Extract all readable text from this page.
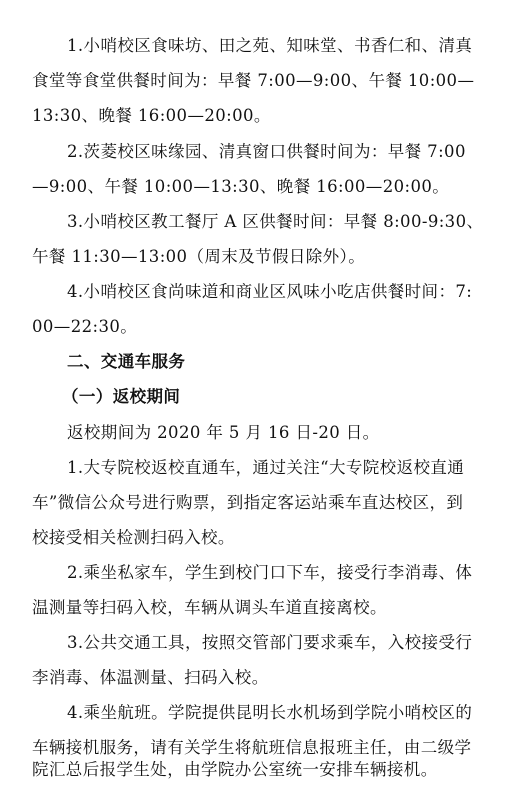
1.小哨校区食味坊、田之苑、知味堂、书香仁和、清真
食堂等食堂供餐时间为：早餐 7:00—9:00、午餐 10:00—
13:30、晚餐 16:00—20:00。
2.茨菱校区味缘园、清真窗口供餐时间为：早餐 7:00
—9:00、午餐 10:00—13:30、晚餐 16:00—20:00。
3.小哨校区教工餐厅 A 区供餐时间：早餐 8:00-9:30、
午餐 11:30—13:00（周末及节假日除外）。
4.小哨校区食尚味道和商业区风味小吃店供餐时间：7:
00—22:30。
二、交通车服务
（一）返校期间
返校期间为 2020 年 5 月 16 日-20 日。
1.大专院校返校直通车，通过关注“大专院校返校直通
车”微信公众号进行购票，到指定客运站乘车直达校区，到
校接受相关检测扫码入校。
2.乘坐私家车，学生到校门口下车，接受行李消毒、体
温测量等扫码入校，车辆从调头车道直接离校。
3.公共交通工具，按照交管部门要求乘车，入校接受行
李消毒、体温测量、扫码入校。
4.乘坐航班。学院提供昆明长水机场到学院小哨校区的
车辆接机服务，请有关学生将航班信息报班主任，由二级学
院汇总后报学生处，由学院办公室统一安排车辆接机。
